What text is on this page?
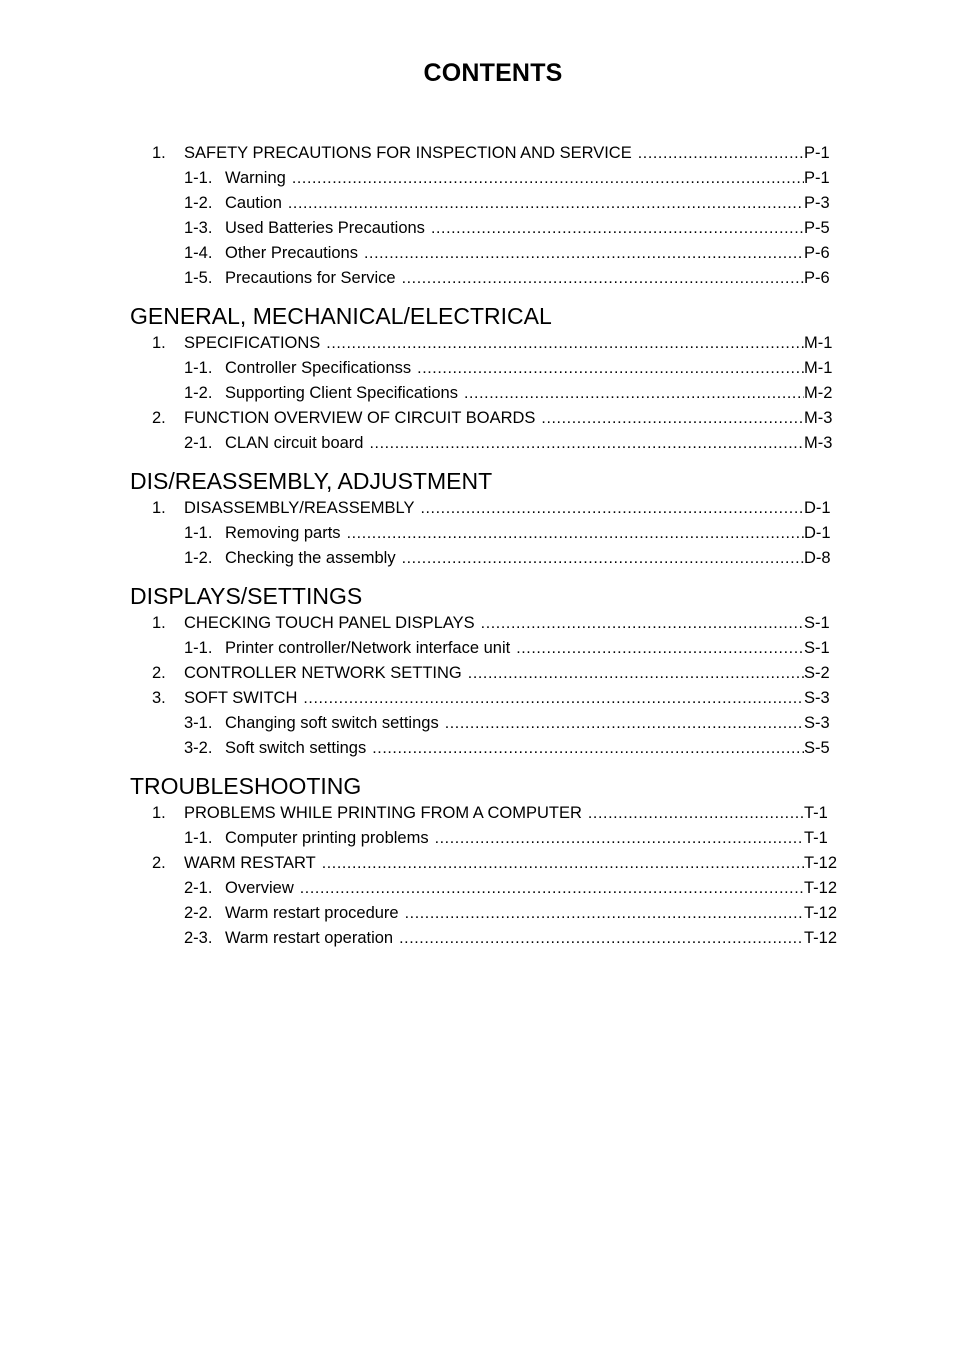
CONTENTS
1. SAFETY PRECAUTIONS FOR INSPECTION AND SERVICE .....	P-1
1-1. Warning .....	P-1
1-2. Caution .....	P-3
1-3. Used Batteries Precautions .....	P-5
1-4. Other Precautions .....	P-6
1-5. Precautions for Service .....	P-6
GENERAL, MECHANICAL/ELECTRICAL
1. SPECIFICATIONS .....	M-1
1-1. Controller Specificationss .....	M-1
1-2. Supporting Client Specifications .....	M-2
2. FUNCTION OVERVIEW OF CIRCUIT BOARDS .....	M-3
2-1. CLAN circuit board .....	M-3
DIS/REASSEMBLY, ADJUSTMENT
1. DISASSEMBLY/REASSEMBLY .....	D-1
1-1. Removing parts .....	D-1
1-2. Checking the assembly .....	D-8
DISPLAYS/SETTINGS
1. CHECKING TOUCH PANEL DISPLAYS .....	S-1
1-1. Printer controller/Network interface unit .....	S-1
2. CONTROLLER NETWORK SETTING .....	S-2
3. SOFT SWITCH .....	S-3
3-1. Changing soft switch settings .....	S-3
3-2. Soft switch settings .....	S-5
TROUBLESHOOTING
1. PROBLEMS WHILE PRINTING FROM A COMPUTER .....	T-1
1-1. Computer printing problems .....	T-1
2. WARM RESTART .....	T-12
2-1. Overview .....	T-12
2-2. Warm restart procedure .....	T-12
2-3. Warm restart operation .....	T-12
